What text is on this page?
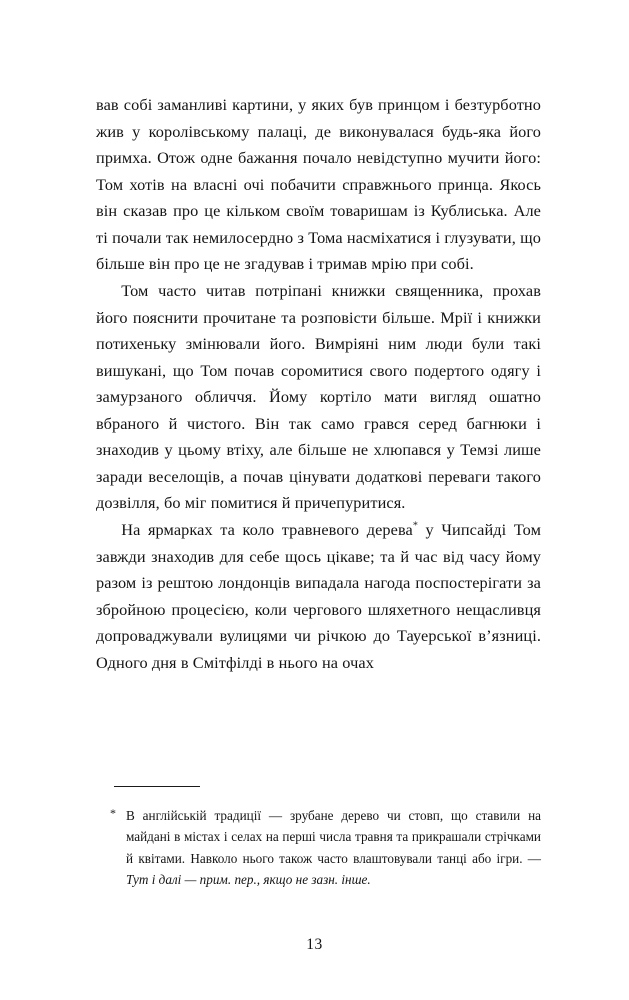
вав собі заманливі картини, у яких був принцом і безтурботно жив у королівському палаці, де виконувалася будь-яка його примха. Отож одне бажання почало невідступно мучити його: Том хотів на власні очі побачити справжнього принца. Якось він сказав про це кільком своїм товаришам із Кублиська. Але ті почали так немилосердно з Тома насміхатися і глузувати, що більше він про це не згадував і тримав мрію при собі.

Том часто читав потріпані книжки священника, прохав його пояснити прочитане та розповісти більше. Мрії і книжки потихеньку змінювали його. Вимріяні ним люди були такі вишукані, що Том почав соромитися свого подертого одягу і замурзаного обличчя. Йому кортіло мати вигляд ошатно вбраного й чистого. Він так само грався серед багнюки і знаходив у цьому втіху, але більше не хлюпався у Темзі лише заради веселощів, а почав цінувати додаткові переваги такого дозвілля, бо міг помитися й причепуритися.

На ярмарках та коло травневого дерева* у Чипсайді Том завжди знаходив для себе щось цікаве; та й час від часу йому разом із рештою лондонців випадала нагода поспостерігати за збройною процесією, коли чергового шляхетного нещасливця допроваджували вулицями чи річкою до Тауерської в’язниці. Одного дня в Смітфілді в нього на очах

* В англійській традиції — зрубане дерево чи стовп, що ставили на майдані в містах і селах на перші числа травня та прикрашали стрічками й квітами. Навколо нього також часто влаштовували танці або ігри. — Тут і далі — прим. пер., якщо не зазн. інше.
13
